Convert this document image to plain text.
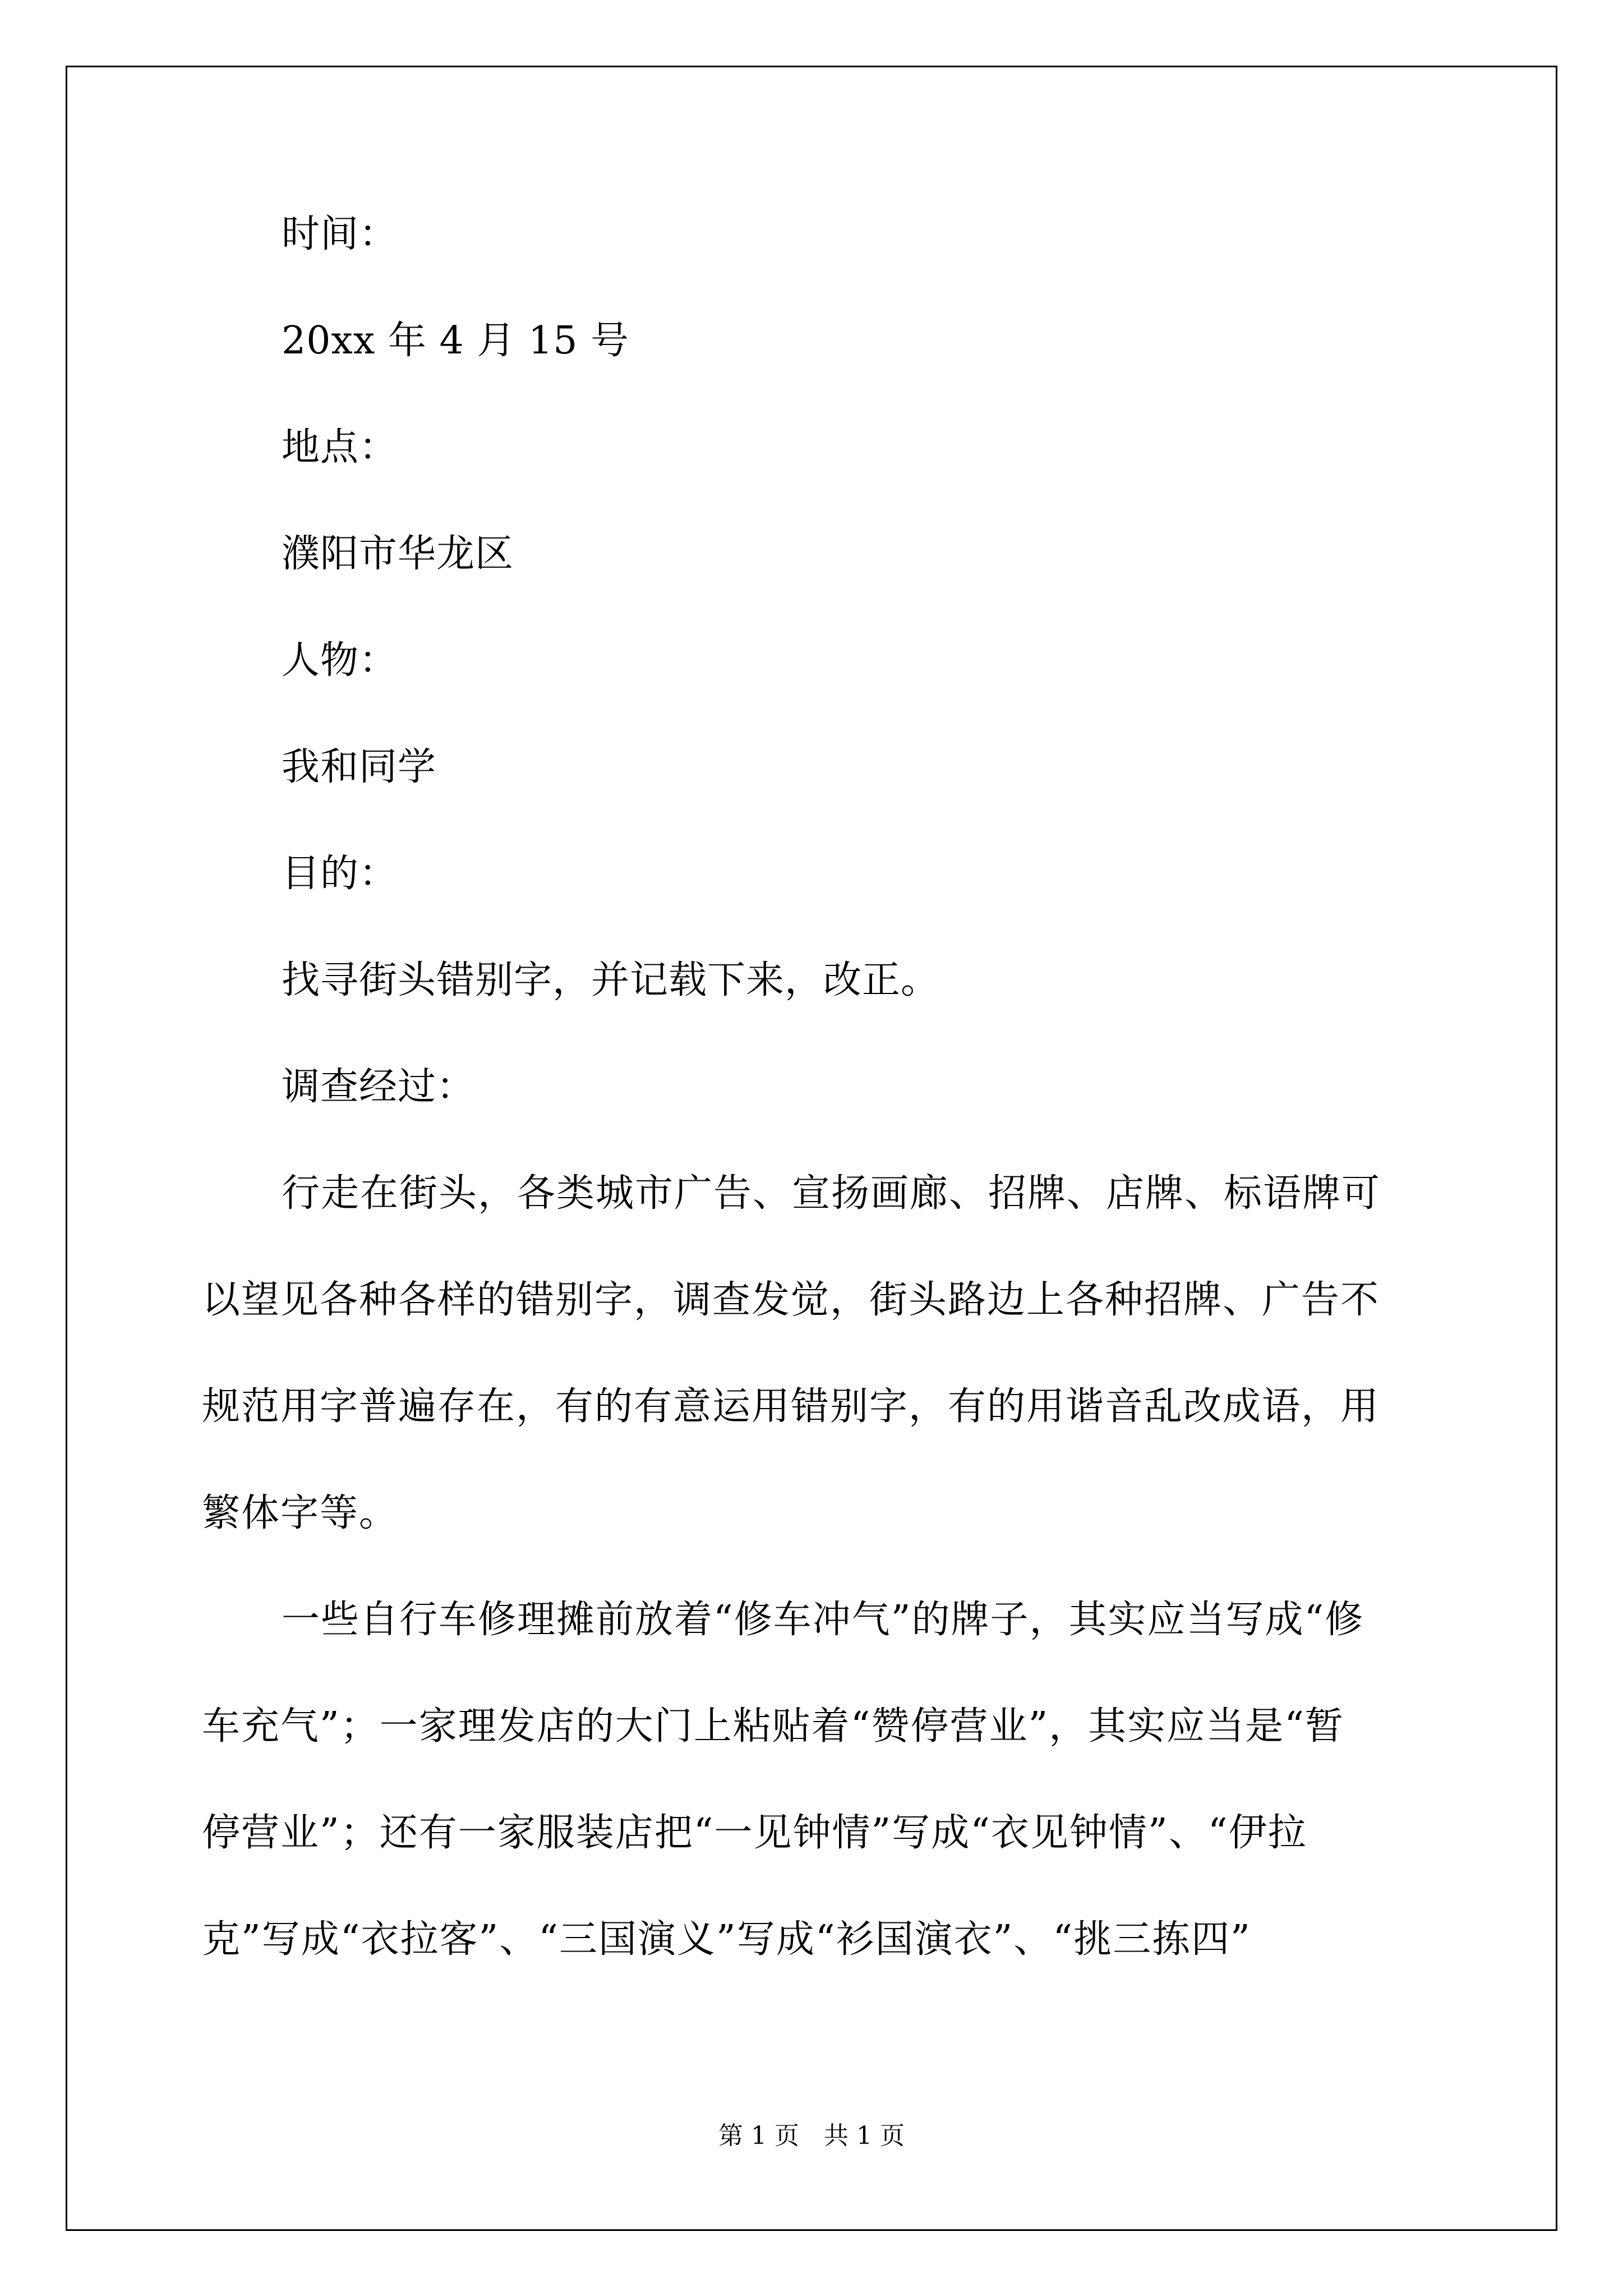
时间：
20xx 年 4 月 15 号
地点：
濮阳市华龙区
人物：
我和同学
目的：
找寻街头错别字，并记载下来，改正。
调查经过：
行走在街头，各类城市广告、宣扬画廊、招牌、店牌、标语牌可
以望见各种各样的错别字，调查发觉，街头路边上各种招牌、广告不
规范用字普遍存在，有的有意运用错别字，有的用谐音乱改成语，用
繁体字等。
一些自行车修理摊前放着“修车冲气”的牌子，其实应当写成“修
车充气”；一家理发店的大门上粘贴着“赞停营业”，其实应当是“暂
停营业”；还有一家服装店把“一见钟情”写成“衣见钟情”、“伊拉
克”写成“衣拉客”、“三国演义”写成“衫国演衣”、“挑三拣四”
第 1 页　共 1 页
